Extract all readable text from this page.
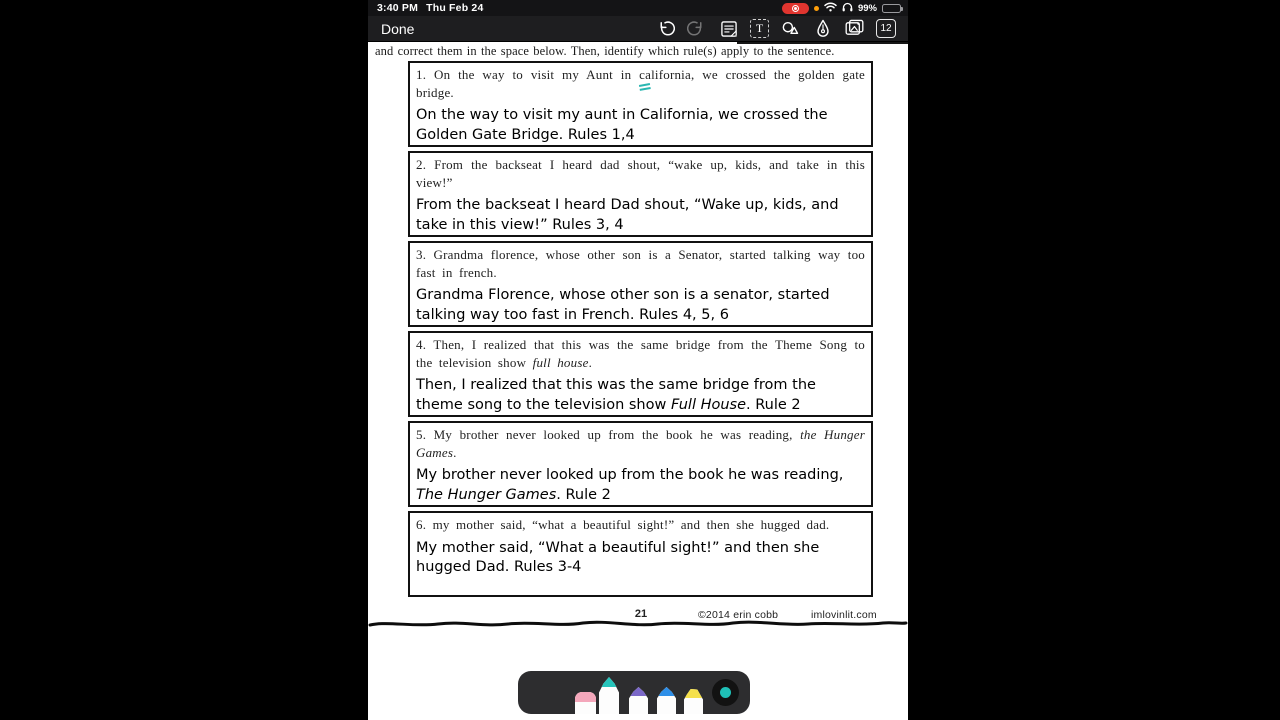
3:40 PM Thu Feb 24	99%
Done	T	12
and correct them in the space below. Then, identify which rule(s) apply to the sentence.

1. On the way to visit my Aunt in california, we crossed the golden gate bridge.

On the way to visit my aunt in California, we crossed the Golden Gate Bridge. Rules 1,4

2. From the backseat I heard dad shout, “wake up, kids, and take in this view!”

From the backseat I heard Dad shout, “Wake up, kids, and take in this view!” Rules 3, 4

3. Grandma florence, whose other son is a Senator, started talking way too fast in french.

Grandma Florence, whose other son is a senator, started talking way too fast in French. Rules 4, 5, 6

4. Then, I realized that this was the same bridge from the Theme Song to the television show full house.

Then, I realized that this was the same bridge from the theme song to the television show Full House. Rule 2

5. My brother never looked up from the book he was reading, the Hunger Games.

My brother never looked up from the book he was reading, The Hunger Games. Rule 2

6. my mother said, “what a beautiful sight!” and then she hugged dad.

My mother said, “What a beautiful sight!” and then she hugged Dad. Rules 3-4

21	©2014 erin cobb	imlovinlit.com
